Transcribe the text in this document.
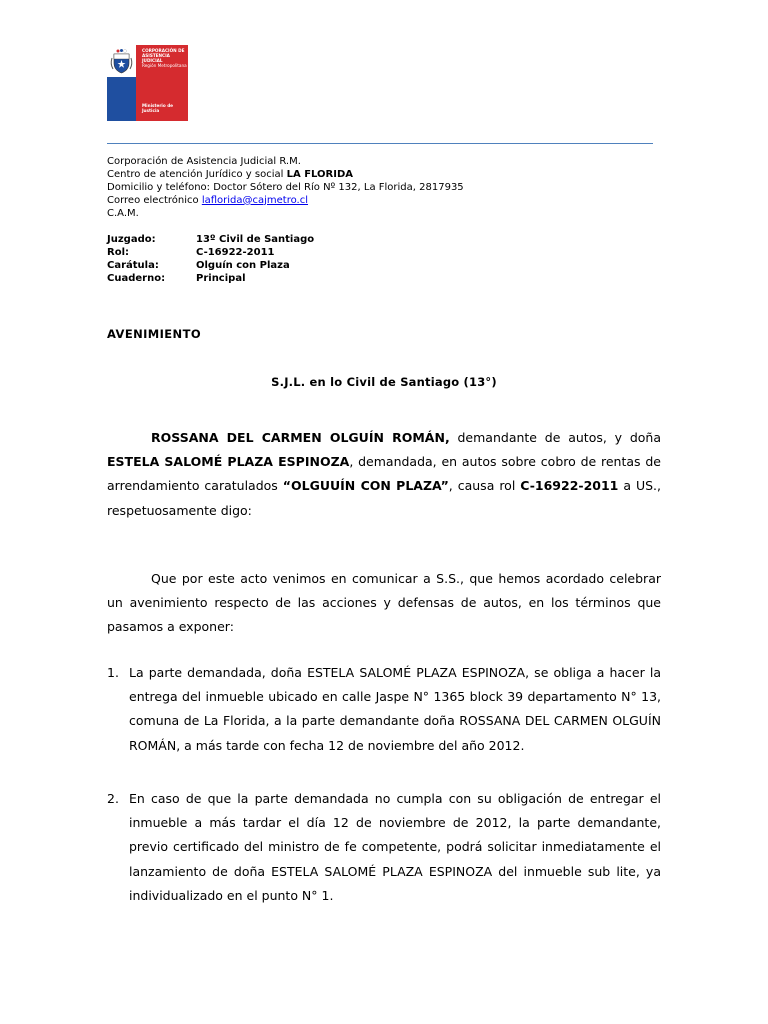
CORPORACIÓN DE
ASISTENCIA
JUDICIAL
Región Metropolitana
Ministerio de
Justicia
Corporación de Asistencia Judicial R.M.
Centro de atención Jurídico y social LA FLORIDA
Domicilio y teléfono: Doctor Sótero del Río Nº 132, La Florida, 2817935
Correo electrónico laflorida@cajmetro.cl
C.A.M.
Juzgado:	13º Civil de Santiago
Rol:	C-16922-2011
Carátula:	Olguín con Plaza
Cuaderno:	Principal
AVENIMIENTO
S.J.L. en lo Civil de Santiago (13°)
ROSSANA DEL CARMEN OLGUÍN ROMÁN, demandante de autos, y doña ESTELA SALOMÉ PLAZA ESPINOZA, demandada, en autos sobre cobro de rentas de arrendamiento caratulados “OLGUUÍN CON PLAZA”, causa rol C-16922-2011 a US., respetuosamente digo:
Que por este acto venimos en comunicar a S.S., que hemos acordado celebrar un avenimiento respecto de las acciones y defensas de autos, en los términos que pasamos a exponer:
1. La parte demandada, doña ESTELA SALOMÉ PLAZA ESPINOZA, se obliga a hacer la entrega del inmueble ubicado en calle Jaspe N° 1365 block 39 departamento N° 13, comuna de La Florida, a la parte demandante doña ROSSANA DEL CARMEN OLGUÍN ROMÁN, a más tarde con fecha 12 de noviembre del año 2012.
2. En caso de que la parte demandada no cumpla con su obligación de entregar el inmueble a más tardar el día 12 de noviembre de 2012, la parte demandante, previo certificado del ministro de fe competente, podrá solicitar inmediatamente el lanzamiento de doña ESTELA SALOMÉ PLAZA ESPINOZA del inmueble sub lite, ya individualizado en el punto N° 1.
